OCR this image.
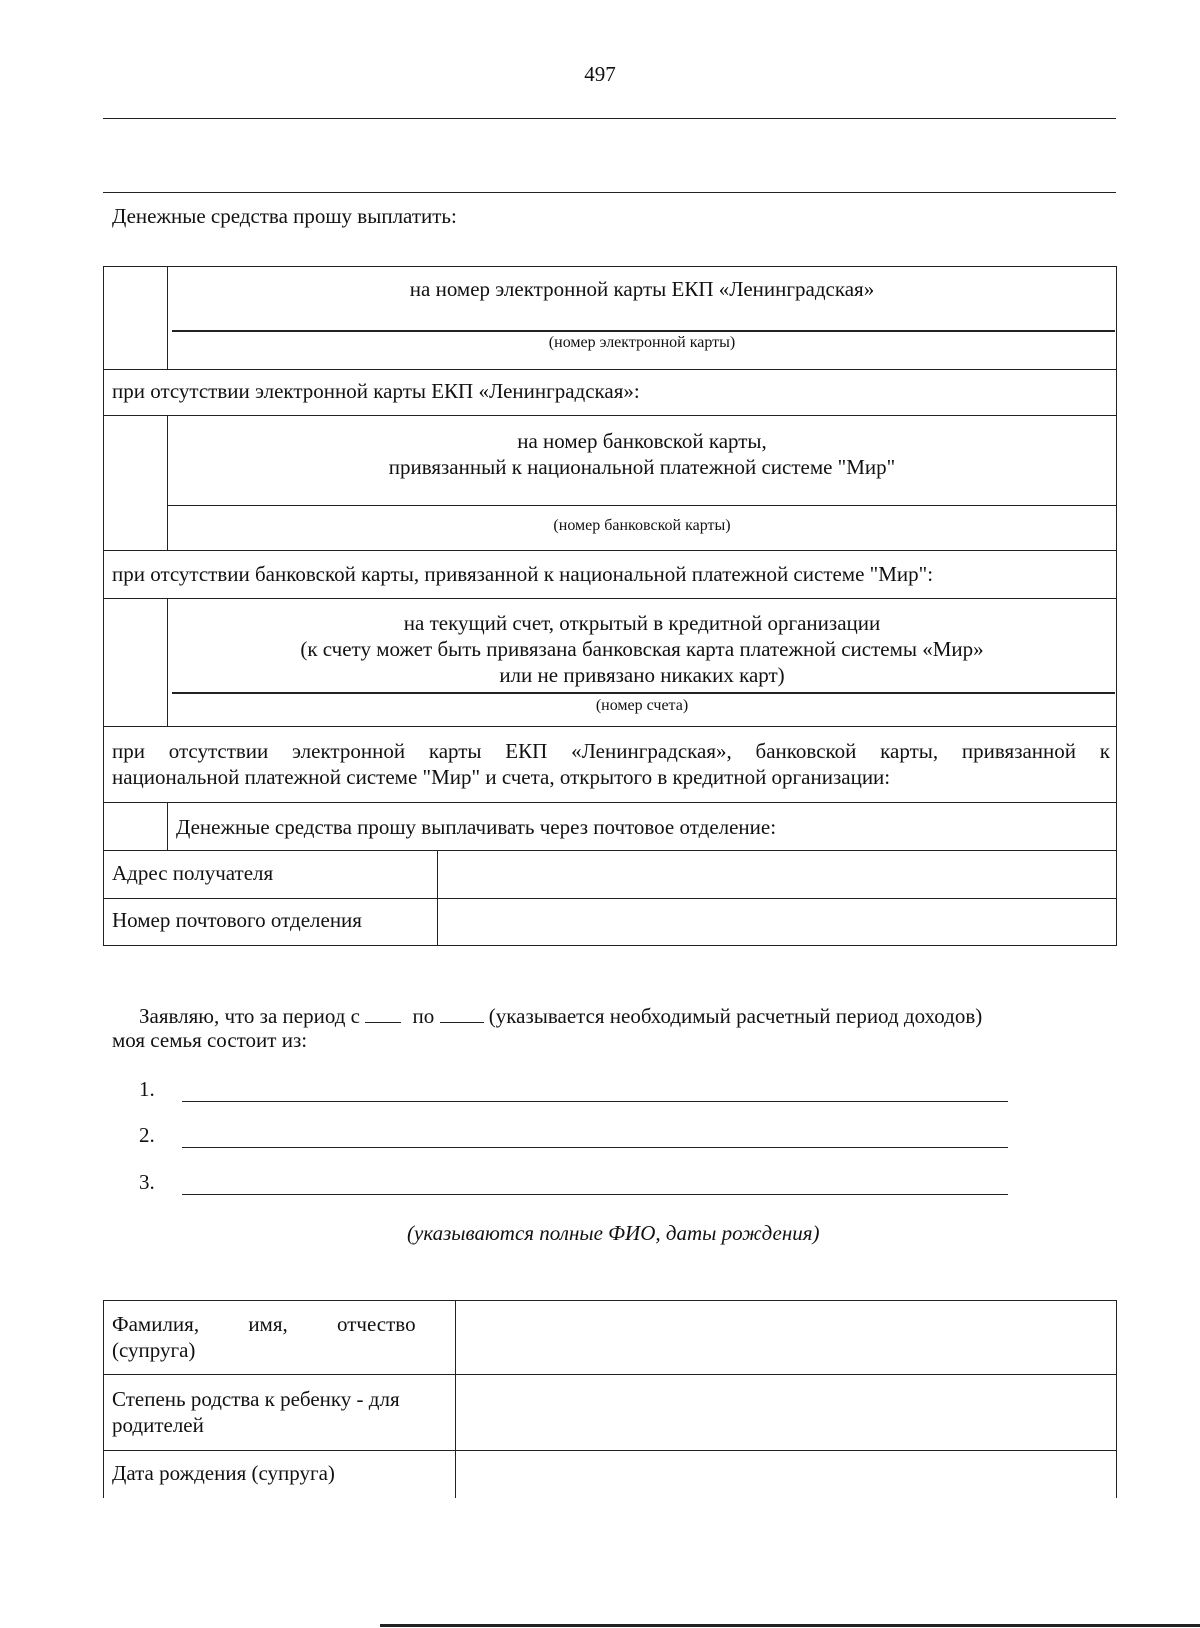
497
Денежные средства прошу выплатить:
на номер электронной карты ЕКП «Ленинградская»
(номер электронной карты)
при отсутствии электронной карты ЕКП «Ленинградская»:
на номер банковской карты,
привязанный к национальной платежной системе "Мир"
(номер банковской карты)
при отсутствии банковской карты, привязанной к национальной платежной системе "Мир":
на текущий счет, открытый в кредитной организации
(к счету может быть привязана банковская карта платежной системы «Мир»
или не привязано никаких карт)
(номер счета)
при отсутствии электронной карты ЕКП «Ленинградская», банковской карты, привязанной к
национальной платежной системе "Мир" и счета, открытого в кредитной организации:
Денежные средства прошу выплачивать через почтовое отделение:
Адрес получателя
Номер почтового отделения
Заявляю, что за период с	по	(указывается необходимый расчетный период доходов)
моя семья состоит из:
1.
2.
3.
(указываются полные ФИО, даты рождения)
Фамилия, имя, отчество
(супруга)
Степень родства к ребенку - для
родителей
Дата рождения (супруга)
